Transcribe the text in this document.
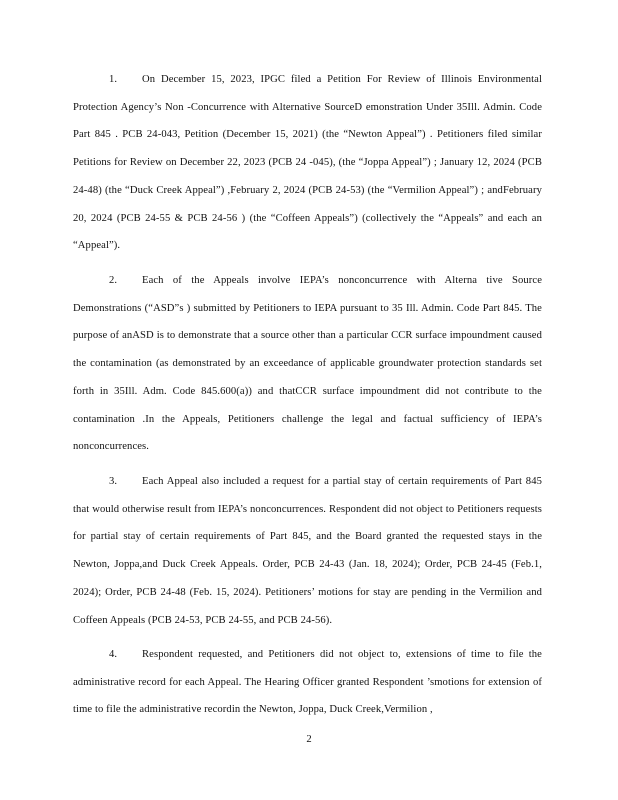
1. On December 15, 2023, IPGC filed a Petition For Review of Illinois Environmental Protection Agency’s Non -Concurrence with Alternative SourceD emonstration Under 35Ill. Admin. Code Part 845 . PCB 24-043, Petition (December 15, 2021) (the “Newton Appeal”) . Petitioners filed similar Petitions for Review on December 22, 2023 (PCB 24 -045), (the “Joppa Appeal”) ; January 12, 2024 (PCB 24-48) (the “Duck Creek Appeal”) ,February 2, 2024 (PCB 24-53) (the “Vermilion Appeal”) ; andFebruary 20, 2024 (PCB 24-55 & PCB 24-56 ) (the “Coffeen Appeals”) (collectively the “Appeals” and each an “Appeal”).

2. Each of the Appeals involve IEPA’s nonconcurrence with Alterna tive Source Demonstrations (“ASD”s ) submitted by Petitioners to IEPA pursuant to 35 Ill. Admin. Code Part 845. The purpose of anASD is to demonstrate that a source other than a particular CCR surface impoundment caused the contamination (as demonstrated by an exceedance of applicable groundwater protection standards set forth in 35Ill. Adm. Code 845.600(a)) and thatCCR surface impoundment did not contribute to the contamination .In the Appeals, Petitioners challenge the legal and factual sufficiency of IEPA’s nonconcurrences.

3. Each Appeal also included a request for a partial stay of certain requirements of Part 845 that would otherwise result from IEPA’s nonconcurrences. Respondent did not object to Petitioners requests for partial stay of certain requirements of Part 845, and the Board granted the requested stays in the Newton, Joppa,and Duck Creek Appeals. Order, PCB 24-43 (Jan. 18, 2024); Order, PCB 24-45 (Feb.1, 2024); Order, PCB 24-48 (Feb. 15, 2024). Petitioners’ motions for stay are pending in the Vermilion and Coffeen Appeals (PCB 24-53, PCB 24-55, and PCB 24-56).

4. Respondent requested, and Petitioners did not object to, extensions of time to file the administrative record for each Appeal. The Hearing Officer granted Respondent ’smotions for extension of time to file the administrative recordin the Newton, Joppa, Duck Creek,Vermilion ,

2
